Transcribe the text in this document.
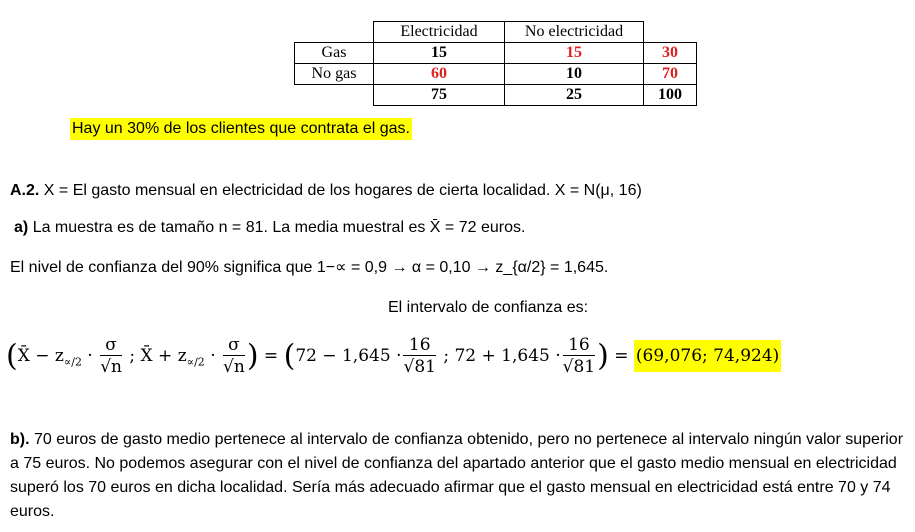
	Electricidad	No electricidad	
Gas	15	15	30
No gas	60	10	70
	75	25	100
Hay un 30% de los clientes que contrata el gas.
A.2. X = El gasto mensual en electricidad de los hogares de cierta localidad. X = N(μ, 16)
a) La muestra es de tamaño n = 81. La media muestral es X̄ = 72 euros.
El nivel de confianza del 90% significa que 1−∝ = 0,9 → α = 0,10 → z_{α/2} = 1,645.
El intervalo de confianza es:
(X̄ − $z_{\propto/2} \cdot \frac{\sigma}{√n}$ ; X̄ + $z_{\propto/2} \cdot \frac{\sigma}{√n}$ ) = ($72 - 1,645 \cdot \frac{16}{√81}$ ; $72 + 1,645 \cdot \frac{16}{√81}$ ) = (69,076; 74,924)
b). 70 euros de gasto medio pertenece al intervalo de confianza obtenido, pero no pertenece al intervalo ningún valor superior a 75 euros. No podemos asegurar con el nivel de confianza del apartado anterior que el gasto medio mensual en electricidad superó los 70 euros en dicha localidad. Sería más adecuado afirmar que el gasto mensual en electricidad está entre 70 y 74 euros.
